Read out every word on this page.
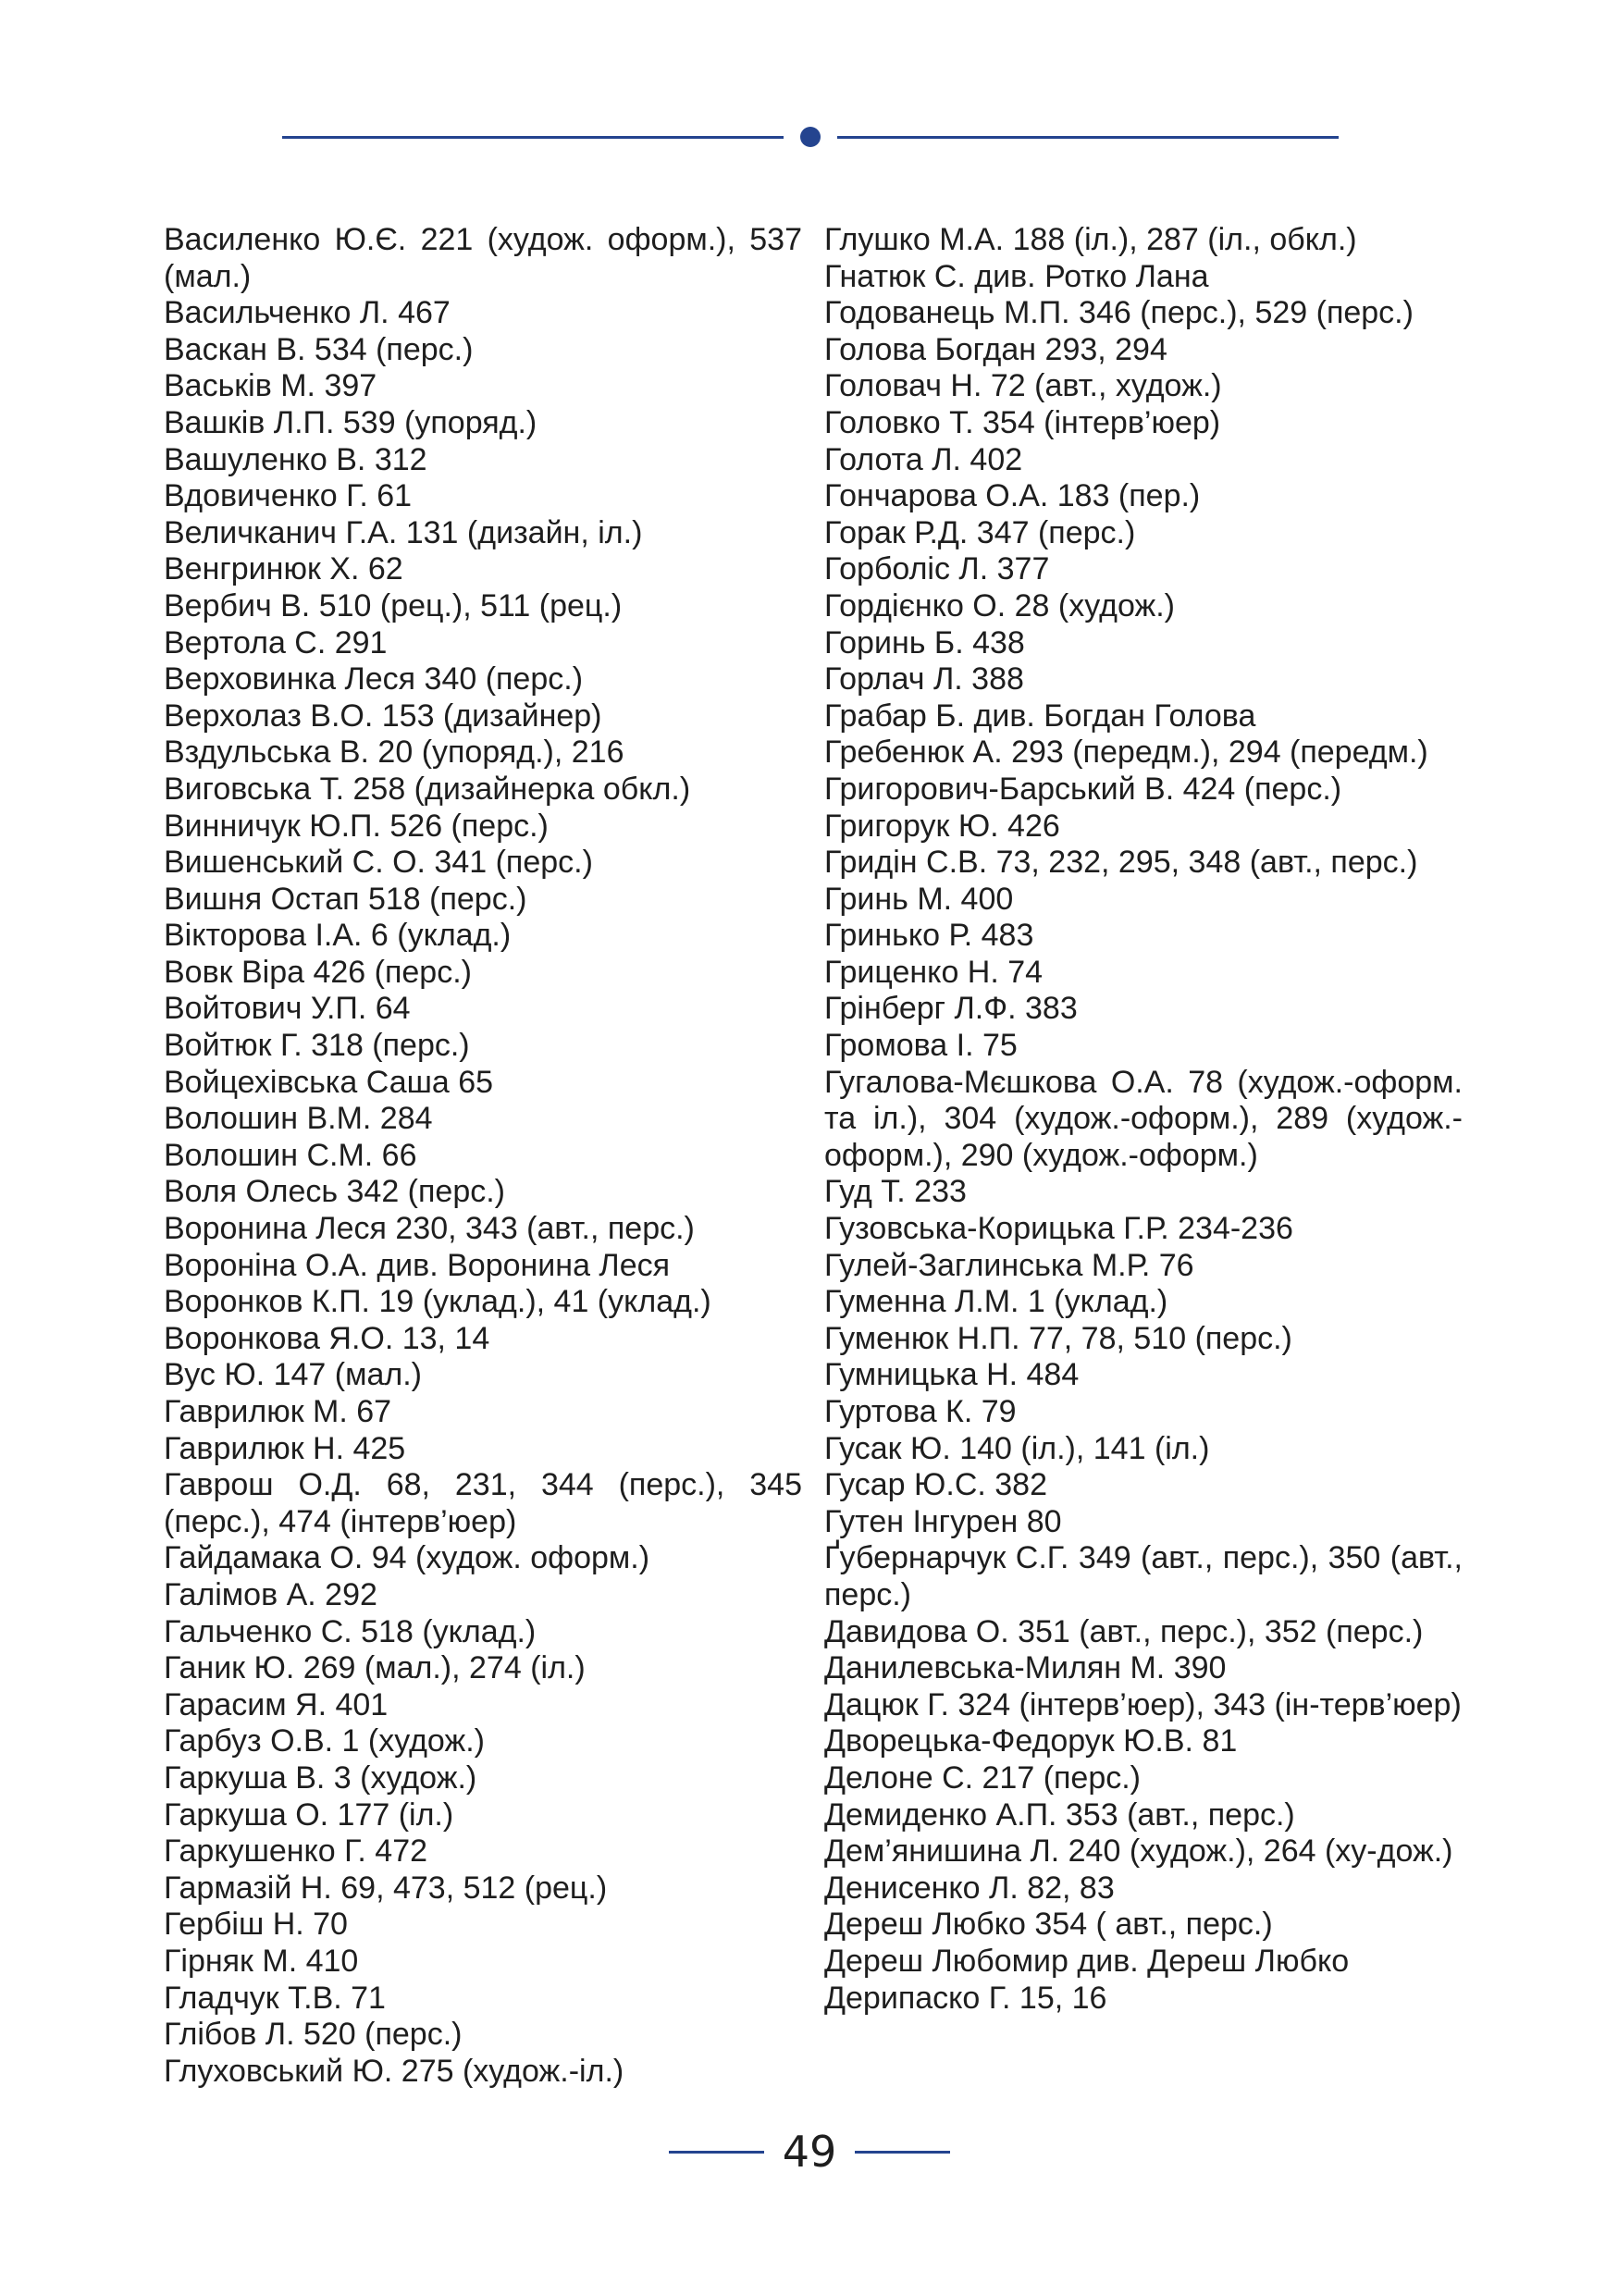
Василенко Ю.Є. 221 (худож. оформ.), 537 (мал.)

Васильченко Л. 467

Васкан В. 534 (перс.)

Васьків М. 397

Вашків Л.П. 539 (упоряд.)

Вашуленко В. 312

Вдовиченко Г. 61

Величканич Г.А. 131 (дизайн, іл.)

Венгринюк Х. 62

Вербич В. 510 (рец.), 511 (рец.)

Вертола С. 291

Верховинка Леся 340 (перс.)

Верхолаз В.О. 153 (дизайнер)

Вздульська В. 20 (упоряд.), 216

Виговська Т. 258 (дизайнерка обкл.)

Винничук Ю.П. 526 (перс.)

Вишенський С. О. 341 (перс.)

Вишня Остап 518 (перс.)

Вікторова І.А. 6 (уклад.)

Вовк Віра 426 (перс.)

Войтович У.П. 64

Войтюк Г. 318 (перс.)

Войцехівська Саша 65

Волошин В.М. 284

Волошин С.М. 66

Воля Олесь 342 (перс.)

Воронина Леся 230, 343 (авт., перс.)

Вороніна О.А. див. Воронина Леся

Воронков К.П. 19 (уклад.), 41 (уклад.)

Воронкова Я.О. 13, 14

Вус Ю. 147 (мал.)

Гаврилюк М. 67

Гаврилюк Н. 425

Гаврош О.Д. 68, 231, 344 (перс.), 345 (перс.), 474 (інтерв’юер)

Гайдамака О. 94 (худож. оформ.)

Галімов А. 292

Гальченко С. 518 (уклад.)

Ганик Ю. 269 (мал.), 274 (іл.)

Гарасим Я. 401

Гарбуз О.В. 1 (худож.)

Гаркуша В. 3 (худож.)

Гаркуша О. 177 (іл.)

Гаркушенко Г. 472

Гармазій Н. 69, 473, 512 (рец.)

Гербіш Н. 70

Гірняк М. 410

Гладчук Т.В. 71

Глібов Л. 520 (перс.)

Глуховський Ю. 275 (худож.-іл.)

Глушко М.А. 188 (іл.), 287 (іл., обкл.)

Гнатюк С. див. Ротко Лана

Годованець М.П. 346 (перс.), 529 (перс.)

Голова Богдан 293, 294

Головач Н. 72 (авт., худож.)

Головко Т. 354 (інтерв’юер)

Голота Л. 402

Гончарова О.А. 183 (пер.)

Горак Р.Д. 347 (перс.)

Горболіс Л. 377

Гордієнко О. 28 (худож.)

Горинь Б. 438

Горлач Л. 388

Грабар Б. див. Богдан Голова

Гребенюк А. 293 (передм.), 294 (передм.)

Григорович-Барський В. 424 (перс.)

Григорук Ю. 426

Гридін С.В. 73, 232, 295, 348 (авт., перс.)

Гринь М. 400

Гринько Р. 483

Гриценко Н. 74

Грінберг Л.Ф. 383

Громова І. 75

Гугалова-Мєшкова О.А. 78 (худож.-оформ. та іл.), 304 (худож.-оформ.), 289 (худож.-оформ.), 290 (худож.-оформ.)

Гуд Т. 233

Гузовська-Корицька Г.Р. 234-236

Гулей-Заглинська М.Р. 76

Гуменна Л.М. 1 (уклад.)

Гуменюк Н.П. 77, 78, 510 (перс.)

Гумницька Н. 484

Гуртова К. 79

Гусак Ю. 140 (іл.), 141 (іл.)

Гусар Ю.С. 382

Гутен Інгурен 80

Ґубернарчук С.Г. 349 (авт., перс.), 350 (авт., перс.)

Давидова О. 351 (авт., перс.), 352 (перс.)

Данилевська-Милян М. 390

Дацюк Г. 324 (інтерв’юер), 343 (ін-терв’юер)

Дворецька-Федорук Ю.В. 81

Делоне С. 217 (перс.)

Демиденко А.П. 353 (авт., перс.)

Дем’янишина Л. 240 (худож.), 264 (ху-дож.)

Денисенко Л. 82, 83

Дереш Любко 354 ( авт., перс.)

Дереш Любомир див. Дереш Любко

Дерипаско Г. 15, 16

49
